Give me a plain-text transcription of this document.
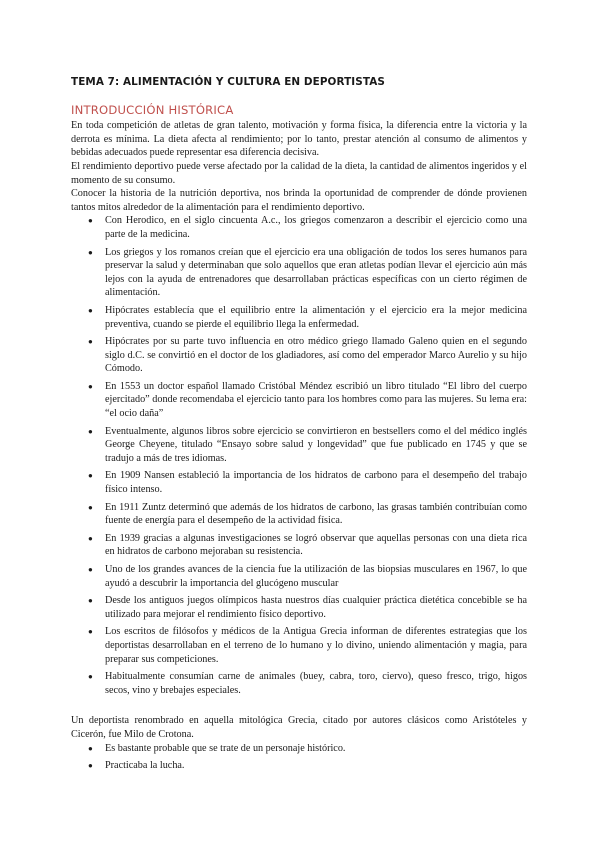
TEMA 7: ALIMENTACIÓN Y CULTURA EN DEPORTISTAS
INTRODUCCIÓN HISTÓRICA

En toda competición de atletas de gran talento, motivación y forma física, la diferencia entre la victoria y la derrota es mínima. La dieta afecta al rendimiento; por lo tanto, prestar atención al consumo de alimentos y bebidas adecuados puede representar esa diferencia decisiva.

El rendimiento deportivo puede verse afectado por la calidad de la dieta, la cantidad de alimentos ingeridos y el momento de su consumo.

Conocer la historia de la nutrición deportiva, nos brinda la oportunidad de comprender de dónde provienen tantos mitos alrededor de la alimentación para el rendimiento deportivo.

● Con Herodico, en el siglo cincuenta A.c., los griegos comenzaron a describir el ejercicio como una parte de la medicina.
● Los griegos y los romanos creían que el ejercicio era una obligación de todos los seres humanos para preservar la salud y determinaban que solo aquellos que eran atletas podían llevar el ejercicio aún más lejos con la ayuda de entrenadores que desarrollaban prácticas específicas con un cierto régimen de alimentación.
● Hipócrates establecía que el equilibrio entre la alimentación y el ejercicio era la mejor medicina preventiva, cuando se pierde el equilibrio llega la enfermedad.
● Hipócrates por su parte tuvo influencia en otro médico griego llamado Galeno quien en el segundo siglo d.C. se convirtió en el doctor de los gladiadores, así como del emperador Marco Aurelio y su hijo Cómodo.
● En 1553 un doctor español llamado Cristóbal Méndez escribió un libro titulado “El libro del cuerpo ejercitado” donde recomendaba el ejercicio tanto para los hombres como para las mujeres. Su lema era: “el ocio daña”
● Eventualmente, algunos libros sobre ejercicio se convirtieron en bestsellers como el del médico inglés George Cheyene, titulado “Ensayo sobre salud y longevidad” que fue publicado en 1745 y que se tradujo a más de tres idiomas.
● En 1909 Nansen estableció la importancia de los hidratos de carbono para el desempeño del trabajo físico intenso.
● En 1911 Zuntz determinó que además de los hidratos de carbono, las grasas también contribuían como fuente de energía para el desempeño de la actividad física.
● En 1939 gracias a algunas investigaciones se logró observar que aquellas personas con una dieta rica en hidratos de carbono mejoraban su resistencia.
● Uno de los grandes avances de la ciencia fue la utilización de las biopsias musculares en 1967, lo que ayudó a descubrir la importancia del glucógeno muscular
● Desde los antiguos juegos olímpicos hasta nuestros días cualquier práctica dietética concebible se ha utilizado para mejorar el rendimiento físico deportivo.
● Los escritos de filósofos y médicos de la Antigua Grecia informan de diferentes estrategias que los deportistas desarrollaban en el terreno de lo humano y lo divino, uniendo alimentación y magia, para preparar sus competiciones.
● Habitualmente consumían carne de animales (buey, cabra, toro, ciervo), queso fresco, trigo, higos secos, vino y brebajes especiales.

Un deportista renombrado en aquella mitológica Grecia, citado por autores clásicos como Aristóteles y Cicerón, fue Milo de Crotona.

● Es bastante probable que se trate de un personaje histórico.
● Practicaba la lucha.
